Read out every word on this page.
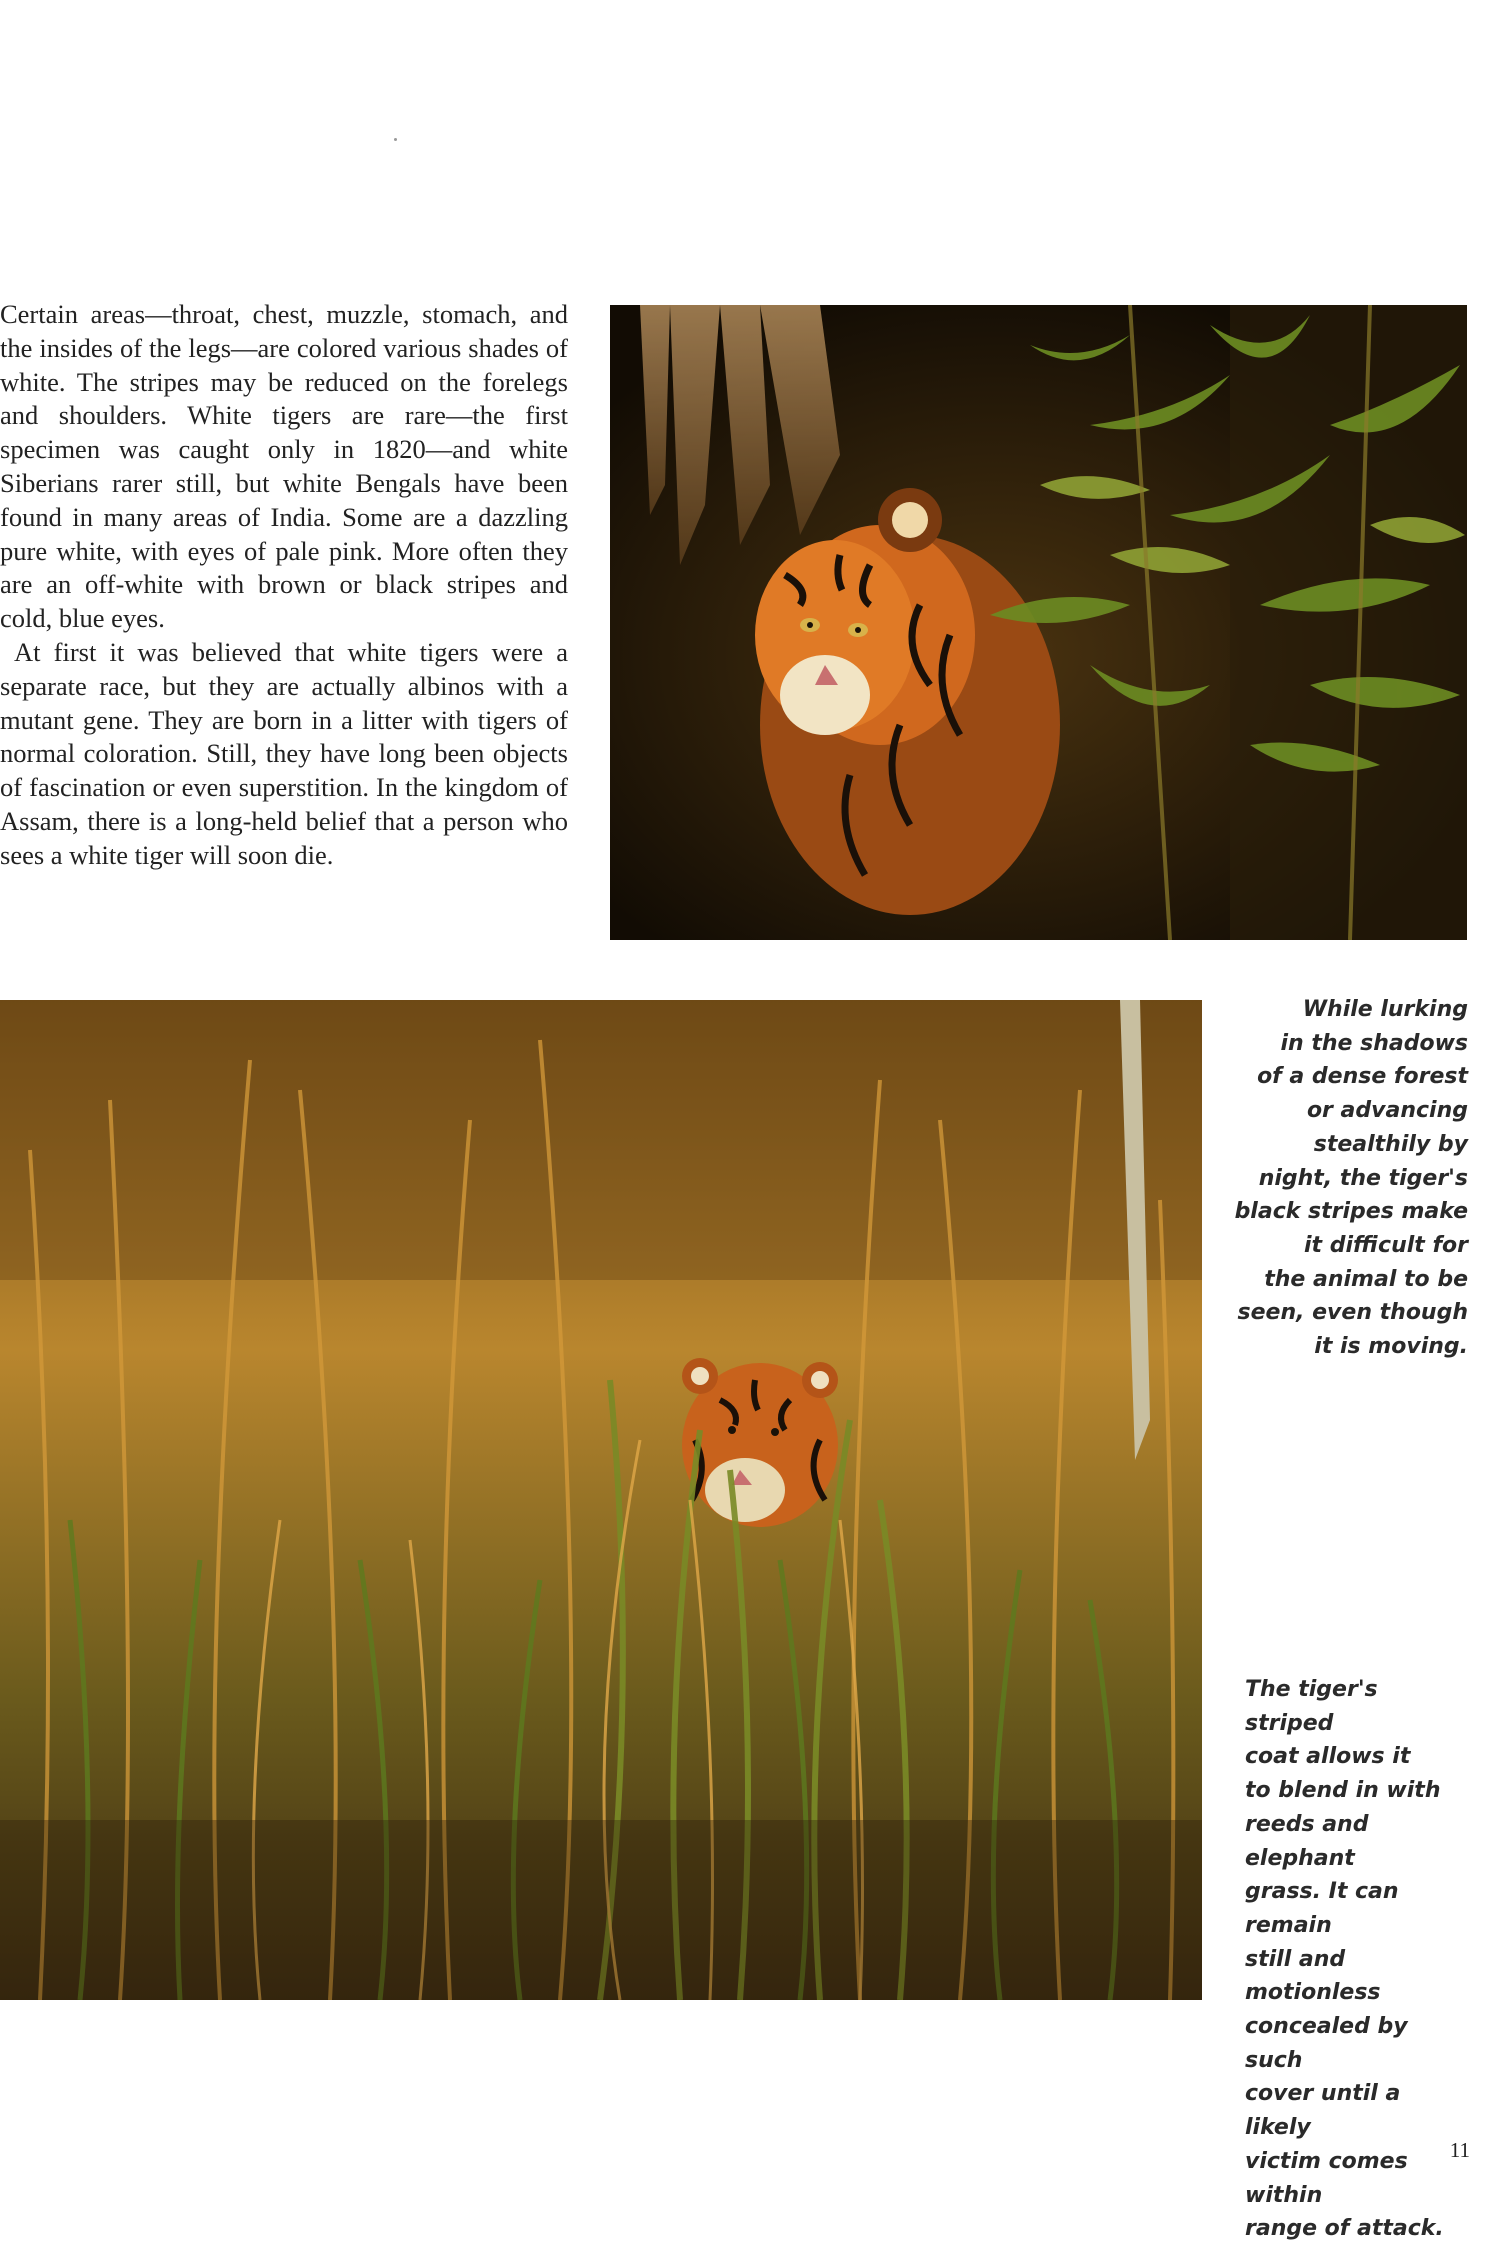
Certain areas—throat, chest, muzzle, stomach, and the insides of the legs—are colored various shades of white. The stripes may be reduced on the forelegs and shoulders. White tigers are rare—the first specimen was caught only in 1820—and white Siberians rarer still, but white Bengals have been found in many areas of India. Some are a dazzling pure white, with eyes of pale pink. More often they are an off-white with brown or black stripes and cold, blue eyes.

At first it was believed that white tigers were a separate race, but they are actually albinos with a mutant gene. They are born in a litter with tigers of normal coloration. Still, they have long been objects of fascination or even superstition. In the kingdom of Assam, there is a long-held belief that a person who sees a white tiger will soon die.

While lurking
in the shadows
of a dense forest
or advancing
stealthily by
night, the tiger's
black stripes make
it difficult for
the animal to be
seen, even though
it is moving.
The tiger's striped
coat allows it
to blend in with
reeds and elephant
grass. It can remain
still and motionless
concealed by such
cover until a likely
victim comes within
range of attack.
11
